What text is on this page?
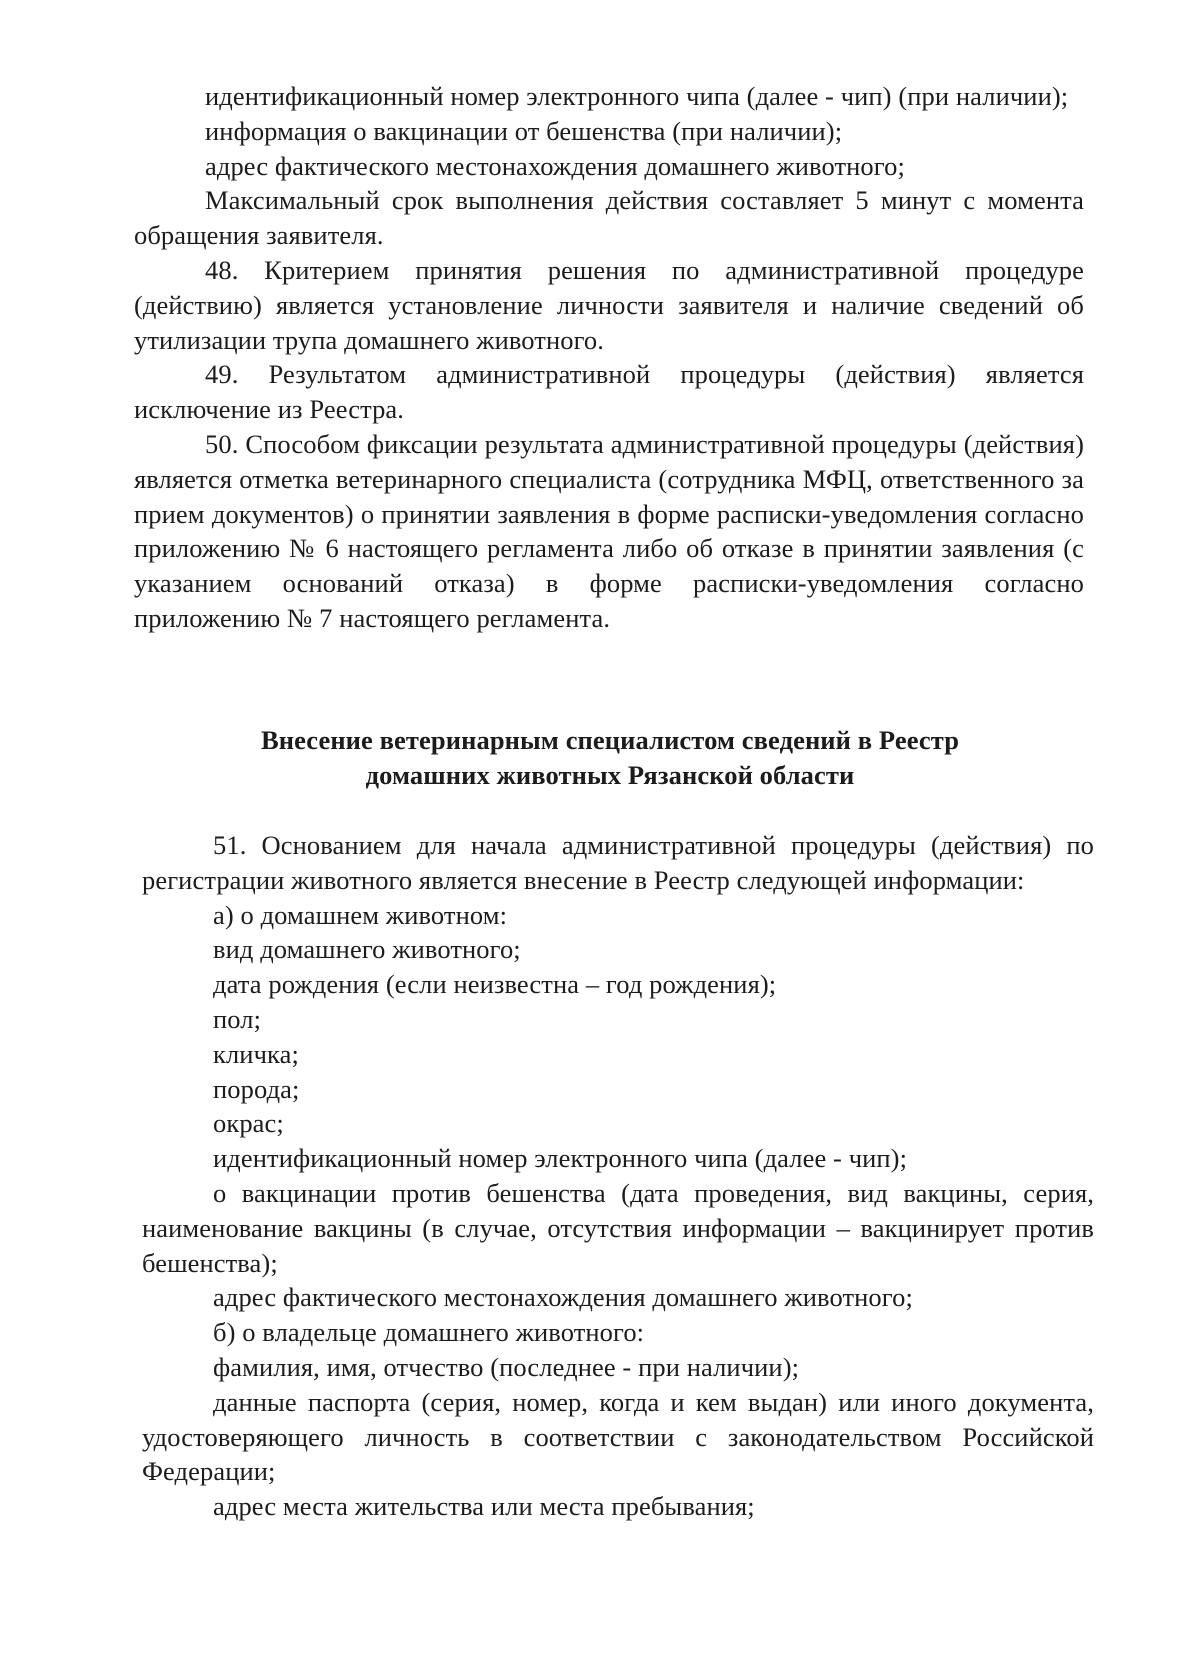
идентификационный номер электронного чипа (далее - чип) (при наличии);

информация о вакцинации от бешенства (при наличии);

адрес фактического местонахождения домашнего животного;

Максимальный срок выполнения действия составляет 5 минут с момента обращения заявителя.

48. Критерием принятия решения по административной процедуре (действию) является установление личности заявителя и наличие сведений об утилизации трупа домашнего животного.

49. Результатом административной процедуры (действия) является исключение из Реестра.

50. Способом фиксации результата административной процедуры (действия) является отметка ветеринарного специалиста (сотрудника МФЦ, ответственного за прием документов) о принятии заявления в форме расписки-уведомления согласно приложению № 6 настоящего регламента либо об отказе в принятии заявления (с указанием оснований отказа) в форме расписки-уведомления согласно приложению № 7 настоящего регламента.

Внесение ветеринарным специалистом сведений в Реестр
домашних животных Рязанской области

51. Основанием для начала административной процедуры (действия) по регистрации животного является внесение в Реестр следующей информации:

а) о домашнем животном:

вид домашнего животного;

дата рождения (если неизвестна – год рождения);

пол;

кличка;

порода;

окрас;

идентификационный номер электронного чипа (далее - чип);

о вакцинации против бешенства (дата проведения, вид вакцины, серия, наименование вакцины (в случае, отсутствия информации – вакцинирует против бешенства);

адрес фактического местонахождения домашнего животного;

б) о владельце домашнего животного:

фамилия, имя, отчество (последнее - при наличии);

данные паспорта (серия, номер, когда и кем выдан) или иного документа, удостоверяющего личность в соответствии с законодательством Российской Федерации;

адрес места жительства или места пребывания;
